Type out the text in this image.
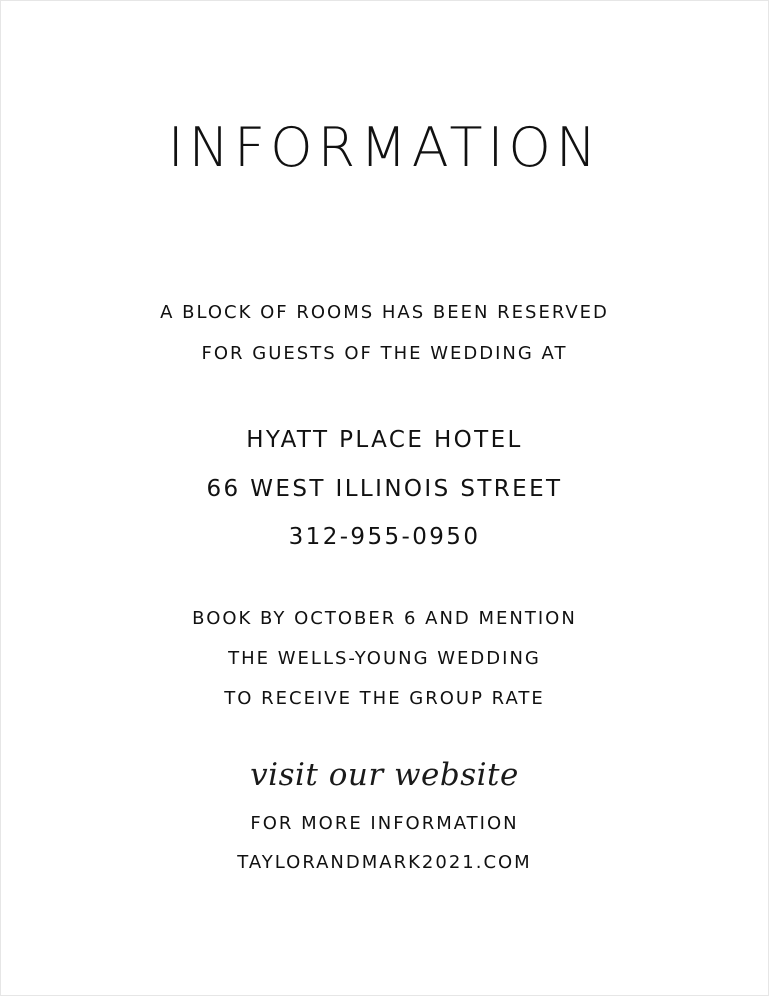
INFORMATION
A BLOCK OF ROOMS HAS BEEN RESERVED
FOR GUESTS OF THE WEDDING AT
HYATT PLACE HOTEL
66 WEST ILLINOIS STREET
312-955-0950
BOOK BY OCTOBER 6 AND MENTION
THE WELLS-YOUNG WEDDING
TO RECEIVE THE GROUP RATE
visit our website
FOR MORE INFORMATION
TAYLORANDMARK2021.COM
